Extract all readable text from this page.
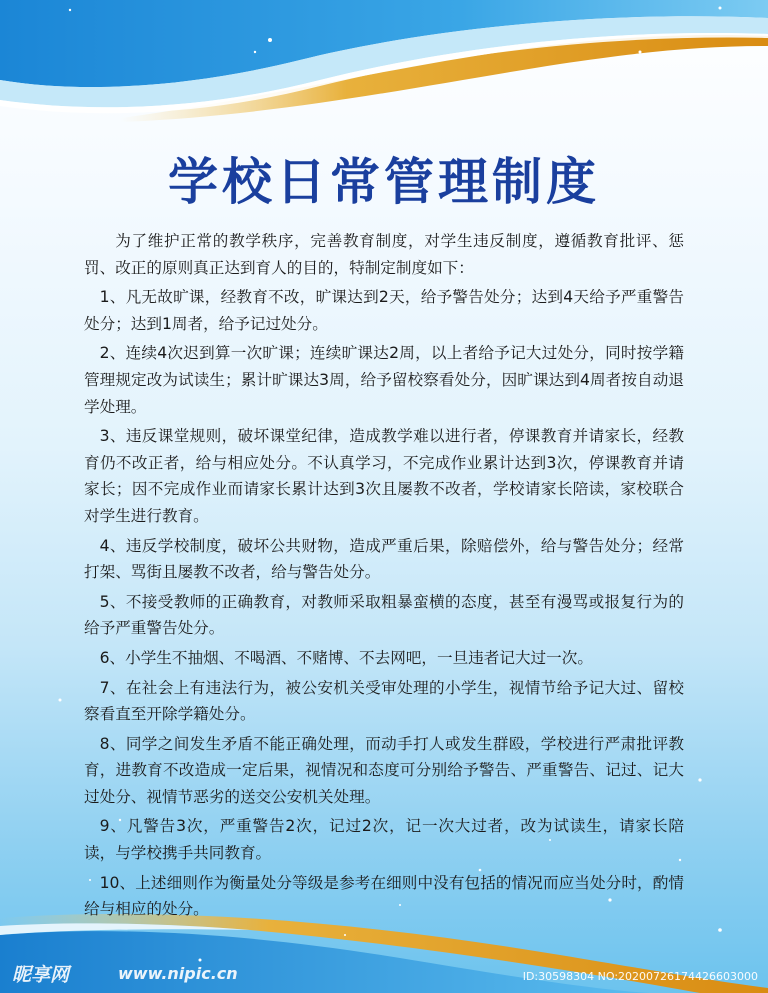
学校日常管理制度

为了维护正常的教学秩序，完善教育制度，对学生违反制度，遵循教育批评、惩罚、改正的原则真正达到育人的目的，特制定制度如下：

1、凡无故旷课，经教育不改，旷课达到2天，给予警告处分；达到4天给予严重警告处分；达到1周者，给予记过处分。

2、连续4次迟到算一次旷课；连续旷课达2周，以上者给予记大过处分，同时按学籍管理规定改为试读生；累计旷课达3周，给予留校察看处分，因旷课达到4周者按自动退学处理。

3、违反课堂规则，破坏课堂纪律，造成教学难以进行者，停课教育并请家长，经教育仍不改正者，给与相应处分。不认真学习，不完成作业累计达到3次，停课教育并请家长；因不完成作业而请家长累计达到3次且屡教不改者，学校请家长陪读，家校联合对学生进行教育。

4、违反学校制度，破坏公共财物，造成严重后果，除赔偿外，给与警告处分；经常打架、骂街且屡教不改者，给与警告处分。

5、不接受教师的正确教育，对教师采取粗暴蛮横的态度，甚至有漫骂或报复行为的给予严重警告处分。

6、小学生不抽烟、不喝酒、不赌博、不去网吧，一旦违者记大过一次。

7、在社会上有违法行为，被公安机关受审处理的小学生，视情节给予记大过、留校察看直至开除学籍处分。

8、同学之间发生矛盾不能正确处理，而动手打人或发生群殴，学校进行严肃批评教育，进教育不改造成一定后果，视情况和态度可分别给予警告、严重警告、记过、记大过处分、视情节恶劣的送交公安机关处理。

9、凡警告3次，严重警告2次，记过2次，记一次大过者，改为试读生，请家长陪读，与学校携手共同教育。

10、上述细则作为衡量处分等级是参考在细则中没有包括的情况而应当处分时，酌情给与相应的处分。

昵享网	www.nipic.cn	ID:30598304 NO:20200726174426603000
